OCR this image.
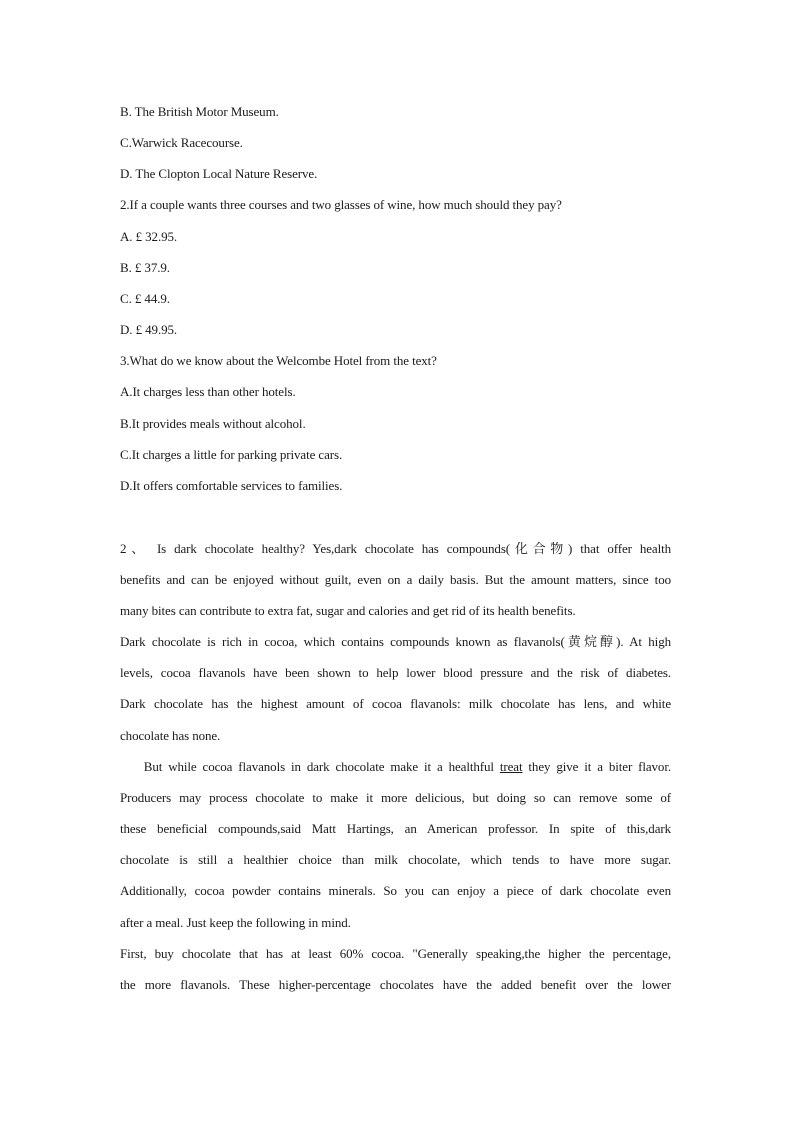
B. The British Motor Museum.
C.Warwick Racecourse.
D. The Clopton Local Nature Reserve.
2.If a couple wants three courses and two glasses of wine, how much should they pay?
A. £ 32.95.
B. £ 37.9.
C. £ 44.9.
D. £ 49.95.
3.What do we know about the Welcombe Hotel from the text?
A.It charges less than other hotels.
B.It provides meals without alcohol.
C.It charges a little for parking private cars.
D.It offers comfortable services to families.
2、 Is dark chocolate healthy? Yes,dark chocolate has compounds(化合物) that offer health
benefits and can be enjoyed without guilt, even on a daily basis. But the amount matters, since too
many bites can contribute to extra fat, sugar and calories and get rid of its health benefits.
Dark chocolate is rich in cocoa, which contains compounds known as flavanols(黄烷醇). At high
levels, cocoa flavanols have been shown to help lower blood pressure and the risk of diabetes.
Dark chocolate has the highest amount of cocoa flavanols: milk chocolate has lens, and white
chocolate has none.
But while cocoa flavanols in dark chocolate make it a healthful treat they give it a biter flavor.
Producers may process chocolate to make it more delicious, but doing so can remove some of
these beneficial compounds,said Matt Hartings, an American professor. In spite of this,dark
chocolate is still a healthier choice than milk chocolate, which tends to have more sugar.
Additionally, cocoa powder contains minerals. So you can enjoy a piece of dark chocolate even
after a meal. Just keep the following in mind.
First, buy chocolate that has at least 60% cocoa. "Generally speaking,the higher the percentage,
the more flavanols. These higher-percentage chocolates have the added benefit over the lower
